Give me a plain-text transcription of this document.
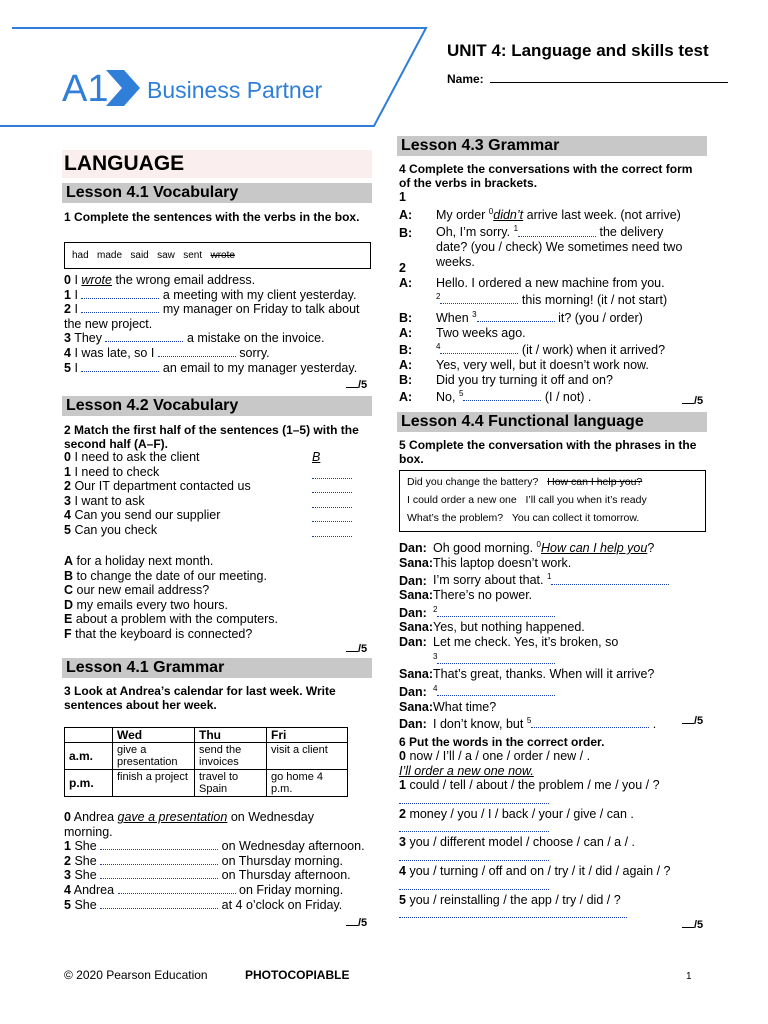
A1 Business Partner
UNIT 4: Language and skills test
Name:
LANGUAGE
Lesson 4.1 Vocabulary
1 Complete the sentences with the verbs in the box.
had made said saw sent wrote
0 I wrote the wrong email address.
1 I	a meeting with my client yesterday.
2 I	my manager on Friday to talk about
the new project.
3 They	a mistake on the invoice.
4 I was late, so I	sorry.
5 I	an email to my manager yesterday.
/5
Lesson 4.2 Vocabulary
2 Match the first half of the sentences (1–5) with the second half (A–F).
0 I need to ask the client	B
1 I need to check
2 Our IT department contacted us
3 I want to ask
4 Can you send our supplier
5 Can you check
A for a holiday next month.
B to change the date of our meeting.
C our new email address?
D my emails every two hours.
E about a problem with the computers.
F that the keyboard is connected?
/5
Lesson 4.1 Grammar
3 Look at Andrea’s calendar for last week. Write sentences about her week.
	Wed	Thu	Fri
a.m.	give a presentation	send the invoices	visit a client
p.m.	finish a project	travel to Spain	go home 4 p.m.
0 Andrea gave a presentation on Wednesday
morning.
1 She	on Wednesday afternoon.
2 She	on Thursday morning.
3 She	on Thursday afternoon.
4 Andrea	on Friday morning.
5 She	at 4 o’clock on Friday.
/5
Lesson 4.3 Grammar
4 Complete the conversations with the correct form of the verbs in brackets.
1
A: My order $^0$didn’t arrive last week. (not arrive)
B: Oh, I’m sorry. $^1$	the delivery
date? (you / check) We sometimes need two
weeks.
2
A: Hello. I ordered a new machine from you.
$^2$	this morning! (it / not start)
B: When $^3$	it? (you / order)
A: Two weeks ago.
B:	$^4$	(it / work) when it arrived?
A: Yes, very well, but it doesn’t work now.
B: Did you try turning it off and on?
A: No, $^5$	(I / not) .	/5
Lesson 4.4 Functional language
5 Complete the conversation with the phrases in the box.
Did you change the battery? How can I help you?
I could order a new one I’ll call you when it’s ready
What’s the problem? You can collect it tomorrow.
Dan: Oh good morning. $^0$How can I help you?
Sana:This laptop doesn’t work.
Dan: I’m sorry about that. $^1$
Sana:There’s no power.
Dan: $^2$
Sana:Yes, but nothing happened.
Dan: Let me check. Yes, it’s broken, so
$^3$
Sana:That’s great, thanks. When will it arrive?
Dan: $^4$
Sana:What time?
Dan: I don’t know, but $^5$	.	/5
6 Put the words in the correct order.
0 now / I’ll / a / one / order / new / .
I’ll order a new one now.
1 could / tell / about / the problem / me / you / ?
2 money / you / I / back / your / give / can .
3 you / different model / choose / can / a / .
4 you / turning / off and on / try / it / did / again / ?
5 you / reinstalling / the app / try / did / ?
/5
© 2020 Pearson Education	PHOTOCOPIABLE	1
